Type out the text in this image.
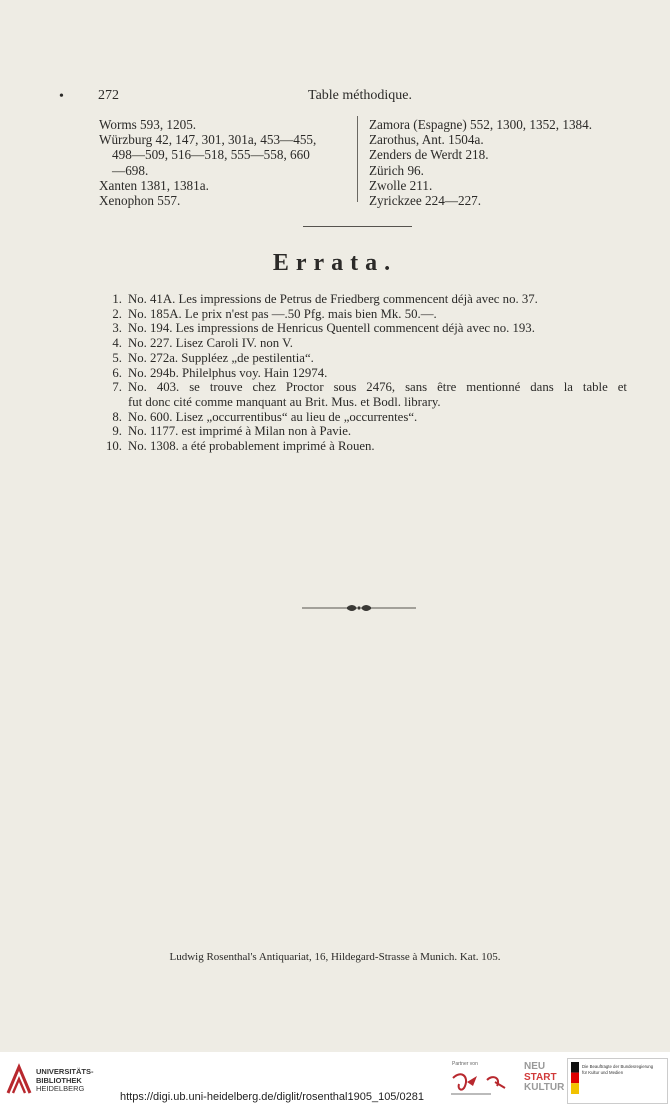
• 272	Table méthodique.
Worms 593, 1205.
Würzburg 42, 147, 301, 301a, 453—455,
498—509, 516—518, 555—558, 660
—698.
Xanten 1381, 1381a.
Xenophon 557.
Zamora (Espagne) 552, 1300, 1352, 1384.
Zarothus, Ant. 1504a.
Zenders de Werdt 218.
Zürich 96.
Zwolle 211.
Zyrickzee 224—227.
Errata.
1. No. 41A. Les impressions de Petrus de Friedberg commencent déjà avec no. 37.
2. No. 185A. Le prix n'est pas —.50 Pfg. mais bien Mk. 50.—.
3. No. 194. Les impressions de Henricus Quentell commencent déjà avec no. 193.
4. No. 227. Lisez Caroli IV. non V.
5. No. 272a. Suppléez „de pestilentia“.
6. No. 294b. Philelphus voy. Hain 12974.
7. No. 403. se trouve chez Proctor sous 2476, sans être mentionné dans la table et
fut donc cité comme manquant au Brit. Mus. et Bodl. library.
8. No. 600. Lisez „occurrentibus“ au lieu de „occurrentes“.
9. No. 1177. est imprimé à Milan non à Pavie.
10. No. 1308. a été probablement imprimé à Rouen.
Ludwig Rosenthal's Antiquariat, 16, Hildegard-Strasse à Munich. Kat. 105.
UNIVERSITÄTS-
BIBLIOTHEK
HEIDELBERG
https://digi.ub.uni-heidelberg.de/diglit/rosenthal1905_105/0281
Partner von	NEU
START
KULTUR
Die Beauftragte der Bundesregierung
für Kultur und Medien
